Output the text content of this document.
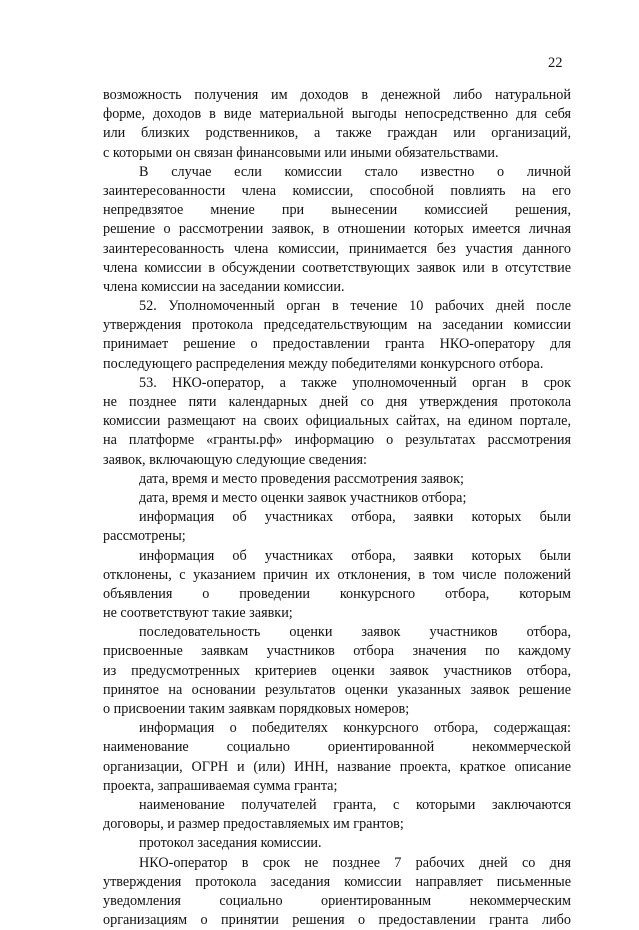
22
возможность получения им доходов в денежной либо натуральной
форме, доходов в виде материальной выгоды непосредственно для себя
или близких родственников, а также граждан или организаций,
с которыми он связан финансовыми или иными обязательствами.
В случае если комиссии стало известно о личной
заинтересованности члена комиссии, способной повлиять на его
непредвзятое мнение при вынесении комиссией решения,
решение о рассмотрении заявок, в отношении которых имеется личная
заинтересованность члена комиссии, принимается без участия данного
члена комиссии в обсуждении соответствующих заявок или в отсутствие
члена комиссии на заседании комиссии.
52. Уполномоченный орган в течение 10 рабочих дней после
утверждения протокола председательствующим на заседании комиссии
принимает решение о предоставлении гранта НКО-оператору для
последующего распределения между победителями конкурсного отбора.
53. НКО-оператор, а также уполномоченный орган в срок
не позднее пяти календарных дней со дня утверждения протокола
комиссии размещают на своих официальных сайтах, на едином портале,
на платформе «гранты.рф» информацию о результатах рассмотрения
заявок, включающую следующие сведения:
дата, время и место проведения рассмотрения заявок;
дата, время и место оценки заявок участников отбора;
информация об участниках отбора, заявки которых были
рассмотрены;
информация об участниках отбора, заявки которых были
отклонены, с указанием причин их отклонения, в том числе положений
объявления о проведении конкурсного отбора, которым
не соответствуют такие заявки;
последовательность оценки заявок участников отбора,
присвоенные заявкам участников отбора значения по каждому
из предусмотренных критериев оценки заявок участников отбора,
принятое на основании результатов оценки указанных заявок решение
о присвоении таким заявкам порядковых номеров;
информация о победителях конкурсного отбора, содержащая:
наименование социально ориентированной некоммерческой
организации, ОГРН и (или) ИНН, название проекта, краткое описание
проекта, запрашиваемая сумма гранта;
наименование получателей гранта, с которыми заключаются
договоры, и размер предоставляемых им грантов;
протокол заседания комиссии.
НКО-оператор в срок не позднее 7 рабочих дней со дня
утверждения протокола заседания комиссии направляет письменные
уведомления социально ориентированным некоммерческим
организациям о принятии решения о предоставлении гранта либо
